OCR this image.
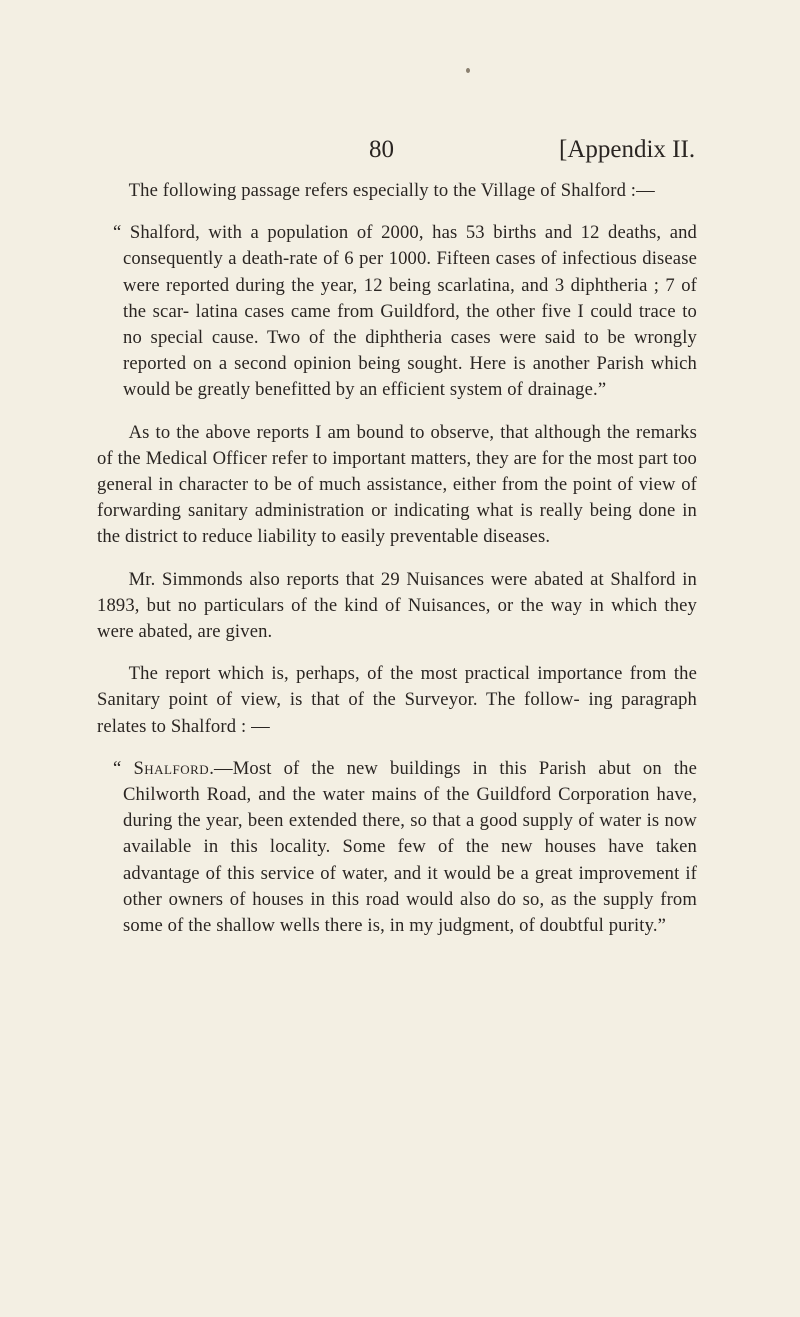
80	[Appendix II.

The following passage refers especially to the Village of Shalford :—

“ Shalford, with a population of 2000, has 53 births and 12 deaths, and consequently a death-rate of 6 per 1000. Fifteen cases of infectious disease were reported during the year, 12 being scarlatina, and 3 diphtheria ; 7 of the scar- latina cases came from Guildford, the other five I could trace to no special cause. Two of the diphtheria cases were said to be wrongly reported on a second opinion being sought. Here is another Parish which would be greatly benefitted by an efficient system of drainage.”

As to the above reports I am bound to observe, that although the remarks of the Medical Officer refer to important matters, they are for the most part too general in character to be of much assistance, either from the point of view of forwarding sanitary administration or indicating what is really being done in the district to reduce liability to easily preventable diseases.

Mr. Simmonds also reports that 29 Nuisances were abated at Shalford in 1893, but no particulars of the kind of Nuisances, or the way in which they were abated, are given.

The report which is, perhaps, of the most practical importance from the Sanitary point of view, is that of the Surveyor. The follow- ing paragraph relates to Shalford : —

“ Shalford.—Most of the new buildings in this Parish abut on the Chilworth Road, and the water mains of the Guildford Corporation have, during the year, been extended there, so that a good supply of water is now available in this locality. Some few of the new houses have taken advantage of this service of water, and it would be a great improvement if other owners of houses in this road would also do so, as the supply from some of the shallow wells there is, in my judgment, of doubtful purity.”
